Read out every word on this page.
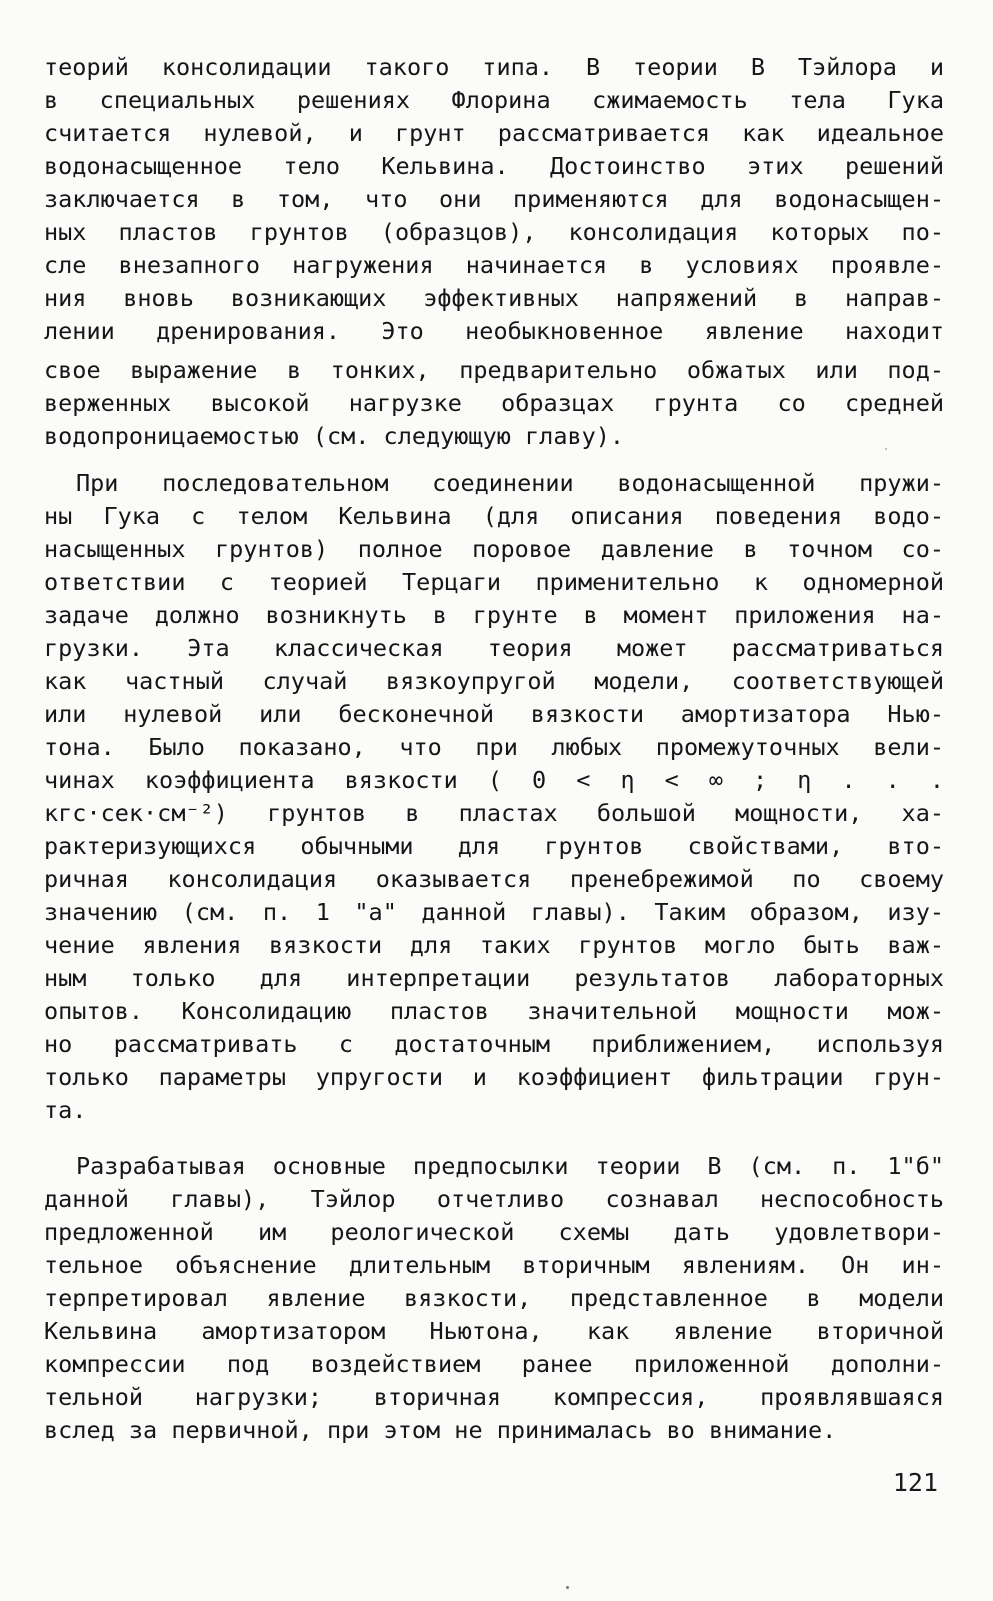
теорий консолидации такого типа. В теории B Тэйлора и
в специальных решениях Флорина сжимаемость тела Гука
считается нулевой, и грунт рассматривается как идеальное
водонасыщенное тело Кельвина. Достоинство этих решений
заключается в том, что они применяются для водонасыщен-
ных пластов грунтов (образцов), консолидация которых по-
сле внезапного нагружения начинается в условиях проявле-
ния вновь возникающих эффективных напряжений в направ-
лении дренирования. Это необыкновенное явление находит
свое выражение в тонких, предварительно обжатых или под-
верженных высокой нагрузке образцах грунта со средней
водопроницаемостью (см. следующую главу).
При последовательном соединении водонасыщенной пружи-
ны Гука с телом Кельвина (для описания поведения водо-
насыщенных грунтов) полное поровое давление в точном со-
ответствии с теорией Терцаги применительно к одномерной
задаче должно возникнуть в грунте в момент приложения на-
грузки. Эта классическая теория может рассматриваться
как частный случай вязкоупругой модели, соответствующей
или нулевой или бесконечной вязкости амортизатора Нью-
тона. Было показано, что при любых промежуточных вели-
чинах коэффициента вязкости ( 0 < η < ∞ ; η . . .
кгс·сек·см⁻²) грунтов в пластах большой мощности, ха-
рактеризующихся обычными для грунтов свойствами, вто-
ричная консолидация оказывается пренебрежимой по своему
значению (см. п. 1 "а" данной главы). Таким образом, изу-
чение явления вязкости для таких грунтов могло быть важ-
ным только для интерпретации результатов лабораторных
опытов. Консолидацию пластов значительной мощности мож-
но рассматривать с достаточным приближением, используя
только параметры упругости и коэффициент фильтрации грун-
та.
Разрабатывая основные предпосылки теории B (см. п. 1"б"
данной главы), Тэйлор отчетливо сознавал неспособность
предложенной им реологической схемы дать удовлетвори-
тельное объяснение длительным вторичным явлениям. Он ин-
терпретировал явление вязкости, представленное в модели
Кельвина амортизатором Ньютона, как явление вторичной
компрессии под воздействием ранее приложенной дополни-
тельной нагрузки; вторичная компрессия, проявлявшаяся
вслед за первичной, при этом не принималась во внимание.
121
